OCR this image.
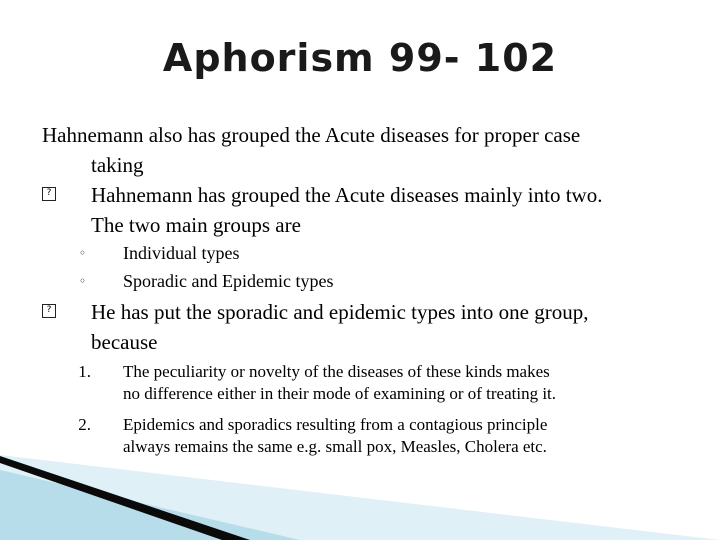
Aphorism 99- 102
Hahnemann also has grouped the Acute diseases for proper case
taking
? Hahnemann has grouped the Acute diseases mainly into two.
The two main groups are
◦ Individual types
◦ Sporadic and Epidemic types
? He has put the sporadic and epidemic types into one group,
because
1. The peculiarity or novelty of the diseases of these kinds makes
no difference either in their mode of examining or of treating it.
2. Epidemics and sporadics resulting from a contagious principle
always remains the same e.g. small pox, Measles, Cholera etc.
